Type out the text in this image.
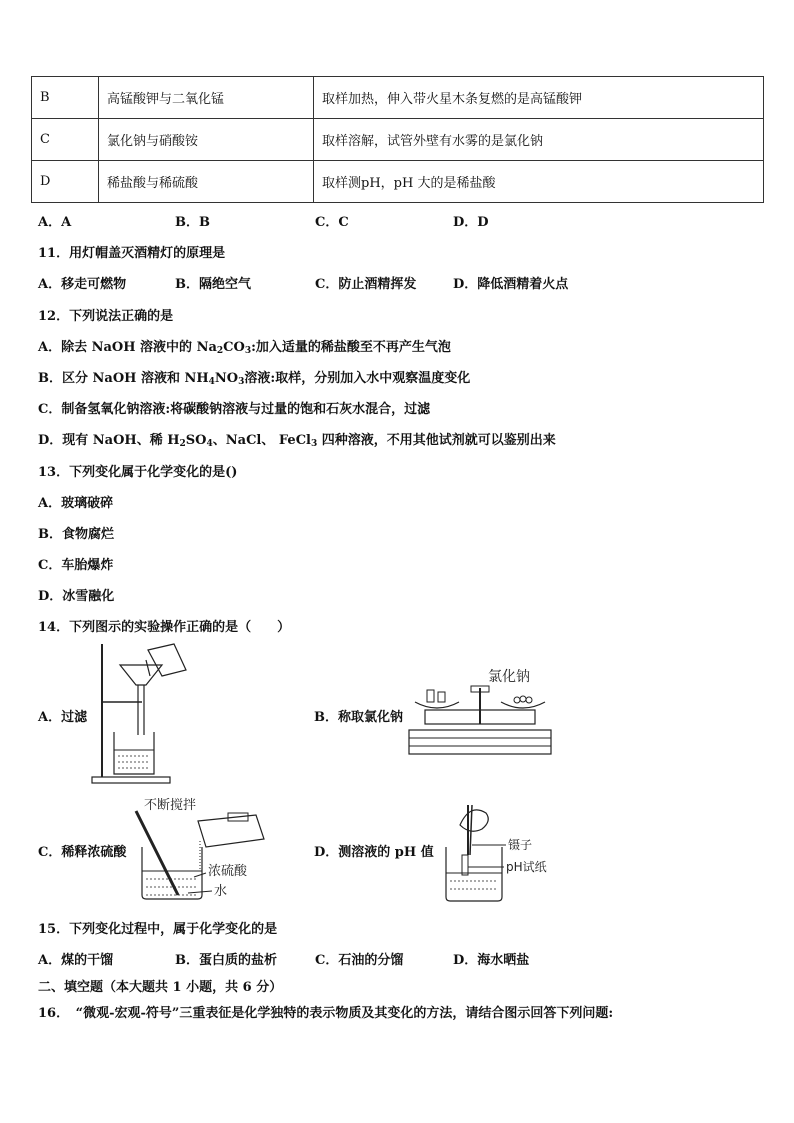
B	高锰酸钾与二氧化锰	取样加热，伸入带火星木条复燃的是高锰酸钾
C	氯化钠与硝酸铵	取样溶解，试管外壁有水雾的是氯化钠
D	稀盐酸与稀硫酸	取样测pH，pH 大的是稀盐酸
A．A	B．B	C．C	D．D
11．用灯帽盖灭酒精灯的原理是
A．移走可燃物	B．隔绝空气	C．防止酒精挥发	D．降低酒精着火点
12．下列说法正确的是
A．除去 NaOH 溶液中的 $Na_2CO_3$:加入适量的稀盐酸至不再产生气泡
B．区分 NaOH 溶液和 $NH_4NO_3$溶液:取样，分别加入水中观察温度变化
C．制备氢氧化钠溶液:将碳酸钠溶液与过量的饱和石灰水混合，过滤
D．现有 NaOH、稀 $H_2SO_4$、NaCl、 FeCl$_3$ 四种溶液，不用其他试剂就可以鉴别出来
13．下列变化属于化学变化的是()
A．玻璃破碎
B．食物腐烂
C．车胎爆炸
D．冰雪融化
14．下列图示的实验操作正确的是（　　）
A．过滤	B．称取氯化钠
C．稀释浓硫酸	D．测溶液的 pH 值
氯化钠
不断搅拌
浓硫酸
水
镊子
pH试纸
15．下列变化过程中，属于化学变化的是
A．煤的干馏	B．蛋白质的盐析	C．石油的分馏	D．海水晒盐
二、填空题（本大题共 1 小题，共 6 分）
16．　“微观-宏观-符号”三重表征是化学独特的表示物质及其变化的方法，请结合图示回答下列问题:
